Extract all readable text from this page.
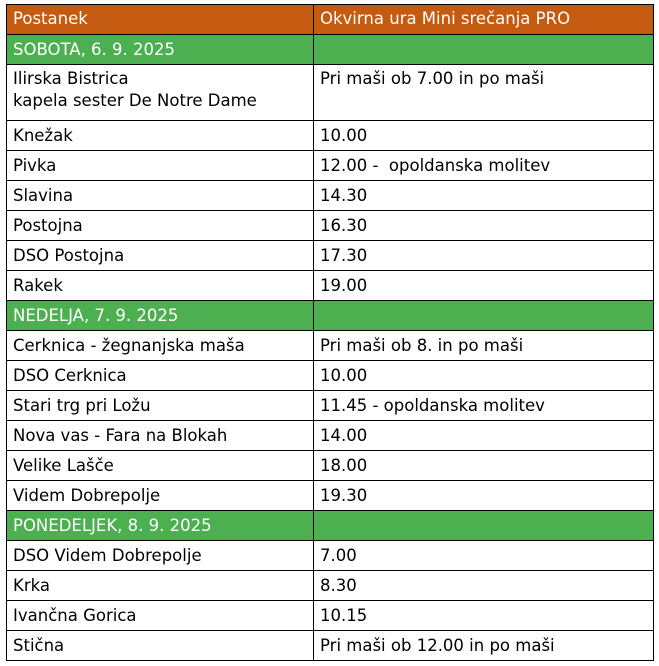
Postanek	Okvirna ura Mini srečanja PRO
SOBOTA, 6. 9. 2025	

Ilirska Bistrica
kapela sester De Notre Dame	Pri maši ob 7.00 in po maši
Knežak	10.00
Pivka	12.00 -  opoldanska molitev
Slavina	14.30
Postojna	16.30
DSO Postojna	17.30
Rakek	19.00
NEDELJA, 7. 9. 2025	
Cerknica - žegnanjska maša	Pri maši ob 8. in po maši
DSO Cerknica	10.00
Stari trg pri Ložu	11.45 - opoldanska molitev
Nova vas - Fara na Blokah	14.00
Velike Lašče	18.00
Videm Dobrepolje	19.30
PONEDELJEK, 8. 9. 2025	
DSO Videm Dobrepolje	7.00
Krka	8.30
Ivančna Gorica	10.15
Stična	Pri maši ob 12.00 in po maši
